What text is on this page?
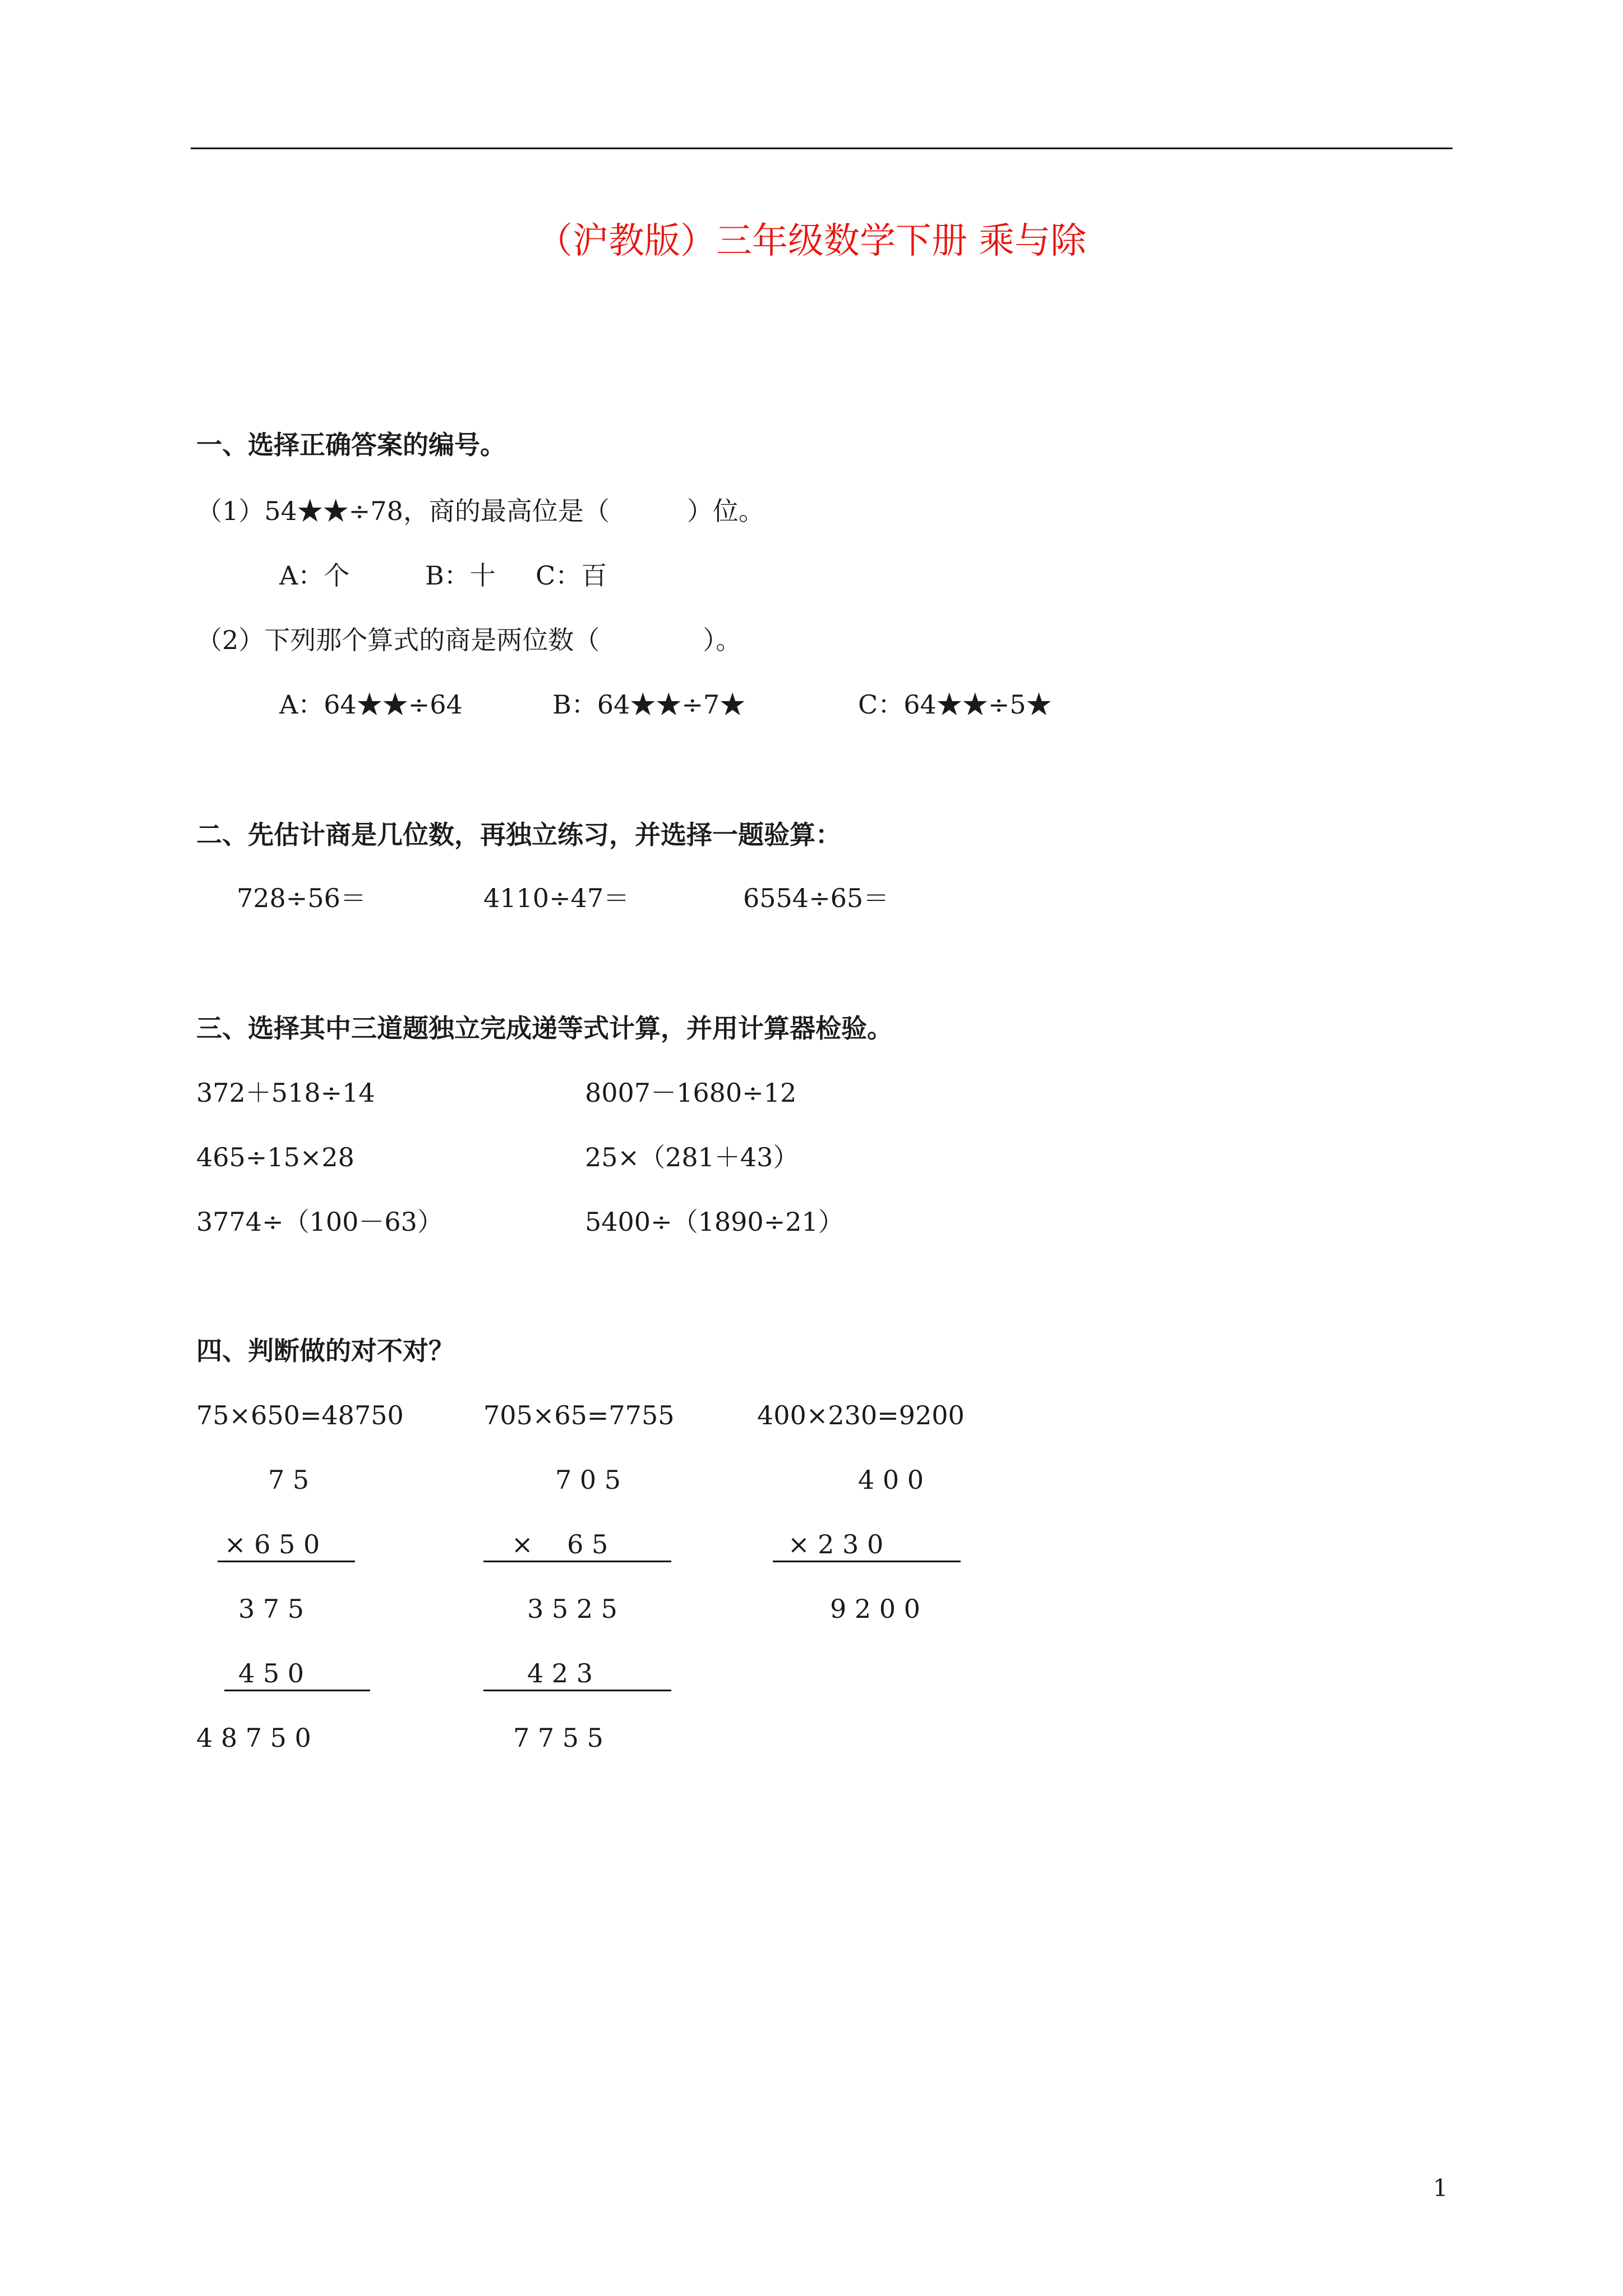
（沪教版）三年级数学下册 乘与除
一、选择正确答案的编号。
（1）54★★÷78，商的最高位是（　　　）位。
A：个	B：十 C：百
（2）下列那个算式的商是两位数（　　　　）。
A：64★★÷64	B：64★★÷7★	C：64★★÷5★
二、先估计商是几位数，再独立练习，并选择一题验算：
728÷56＝	4110÷47＝	6554÷65＝
三、选择其中三道题独立完成递等式计算，并用计算器检验。
372＋518÷14	8007－1680÷12
465÷15×28	25×（281＋43）
3774÷（100－63）	5400÷（1890÷21）
四、判断做的对不对？
75×650=48750
7 5
× 6 5 0
3 7 5
4 5 0
4 8 7 5 0
705×65=7755
7 0 5
×　 6 5
3 5 2 5
4 2 3
7 7 5 5
400×230=9200
4 0 0
× 2 3 0
9 2 0 0
1
